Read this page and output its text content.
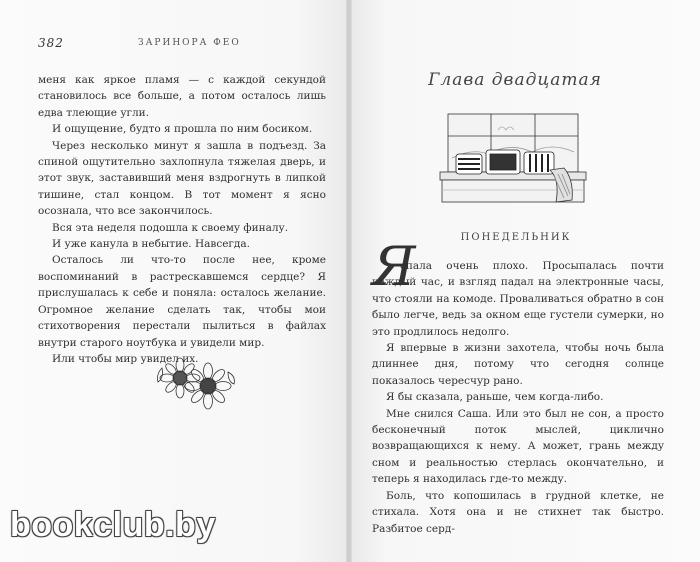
382	ЗАРИНОРА ФЕО

меня как яркое пламя — с каждой секундой становилось все больше, а потом осталось лишь едва тлеющие угли.

И ощущение, будто я прошла по ним босиком.

Через несколько минут я зашла в подъезд. За спиной ощутительно захлопнула тяжелая дверь, и этот звук, заставивший меня вздрогнуть в липкой тишине, стал концом. В тот момент я ясно осознала, что все закончилось.

Вся эта неделя подошла к своему финалу.

И уже канула в небытие. Навсегда.

Осталось ли что-то после нее, кроме воспоминаний в растрескавшемся сердце? Я прислушалась к себе и поняла: осталось желание. Огромное желание сделать так, чтобы мои стихотворения перестали пылиться в файлах внутри старого ноутбука и увидели мир.

Или чтобы мир увидел их.

Глава двадцатая
ПОНЕДЕЛЬНИК
Я

спала очень плохо. Просыпалась почти каждый час, и взгляд падал на электронные часы, что стояли на комоде. Проваливаться обратно в сон было легче, ведь за окном еще густели сумерки, но это продлилось недолго.

Я впервые в жизни захотела, чтобы ночь была длиннее дня, потому что сегодня солнце показалось чересчур рано.

Я бы сказала, раньше, чем когда-либо.

Мне снился Саша. Или это был не сон, а просто бесконечный поток мыслей, циклично возвращающихся к нему. А может, грань между сном и реальностью стерлась окончательно, и теперь я находилась где-то между.

Боль, что копошилась в грудной клетке, не стихала. Хотя она и не стихнет так быстро. Разбитое серд-

bookclub.by
